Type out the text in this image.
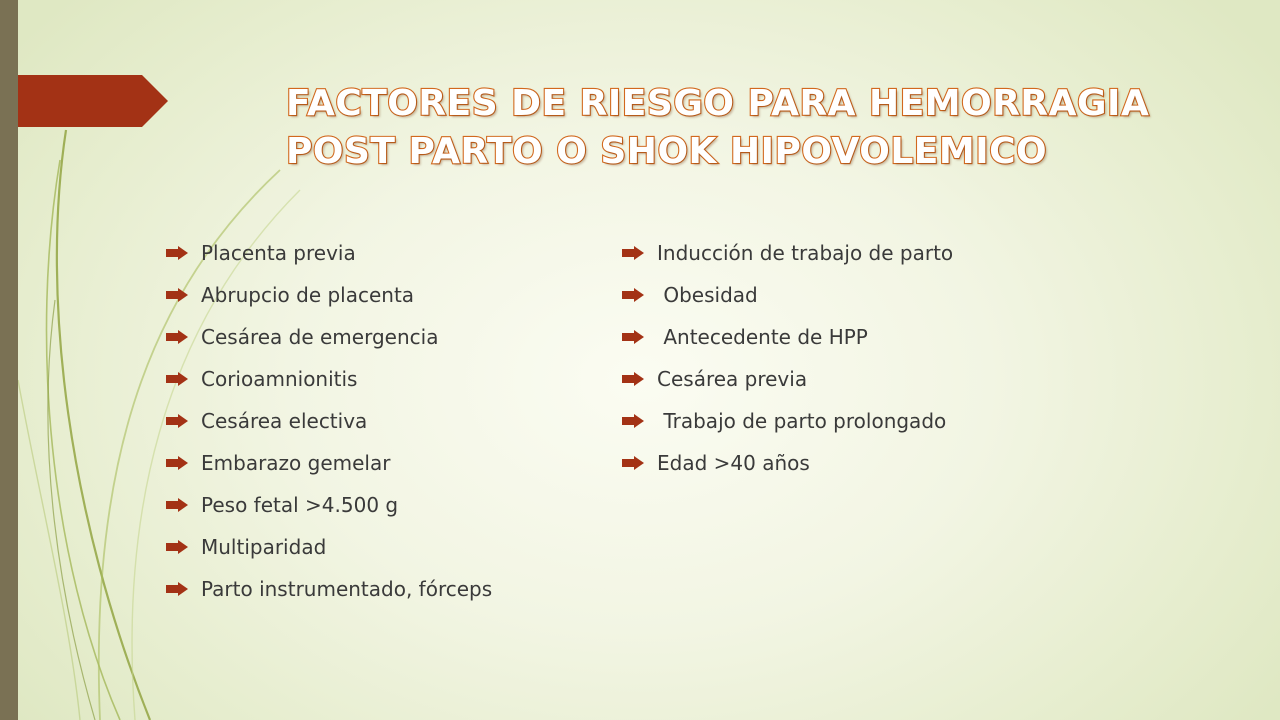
FACTORES DE RIESGO PARA HEMORRAGIA
POST PARTO O SHOK HIPOVOLEMICO
Placenta previa
Abrupcio de placenta
Cesárea de emergencia
Corioamnionitis
Cesárea electiva
Embarazo gemelar
Peso fetal >4.500 g
Multiparidad
Parto instrumentado, fórceps
Inducción de trabajo de parto
Obesidad
Antecedente de HPP
Cesárea previa
Trabajo de parto prolongado
Edad >40 años
